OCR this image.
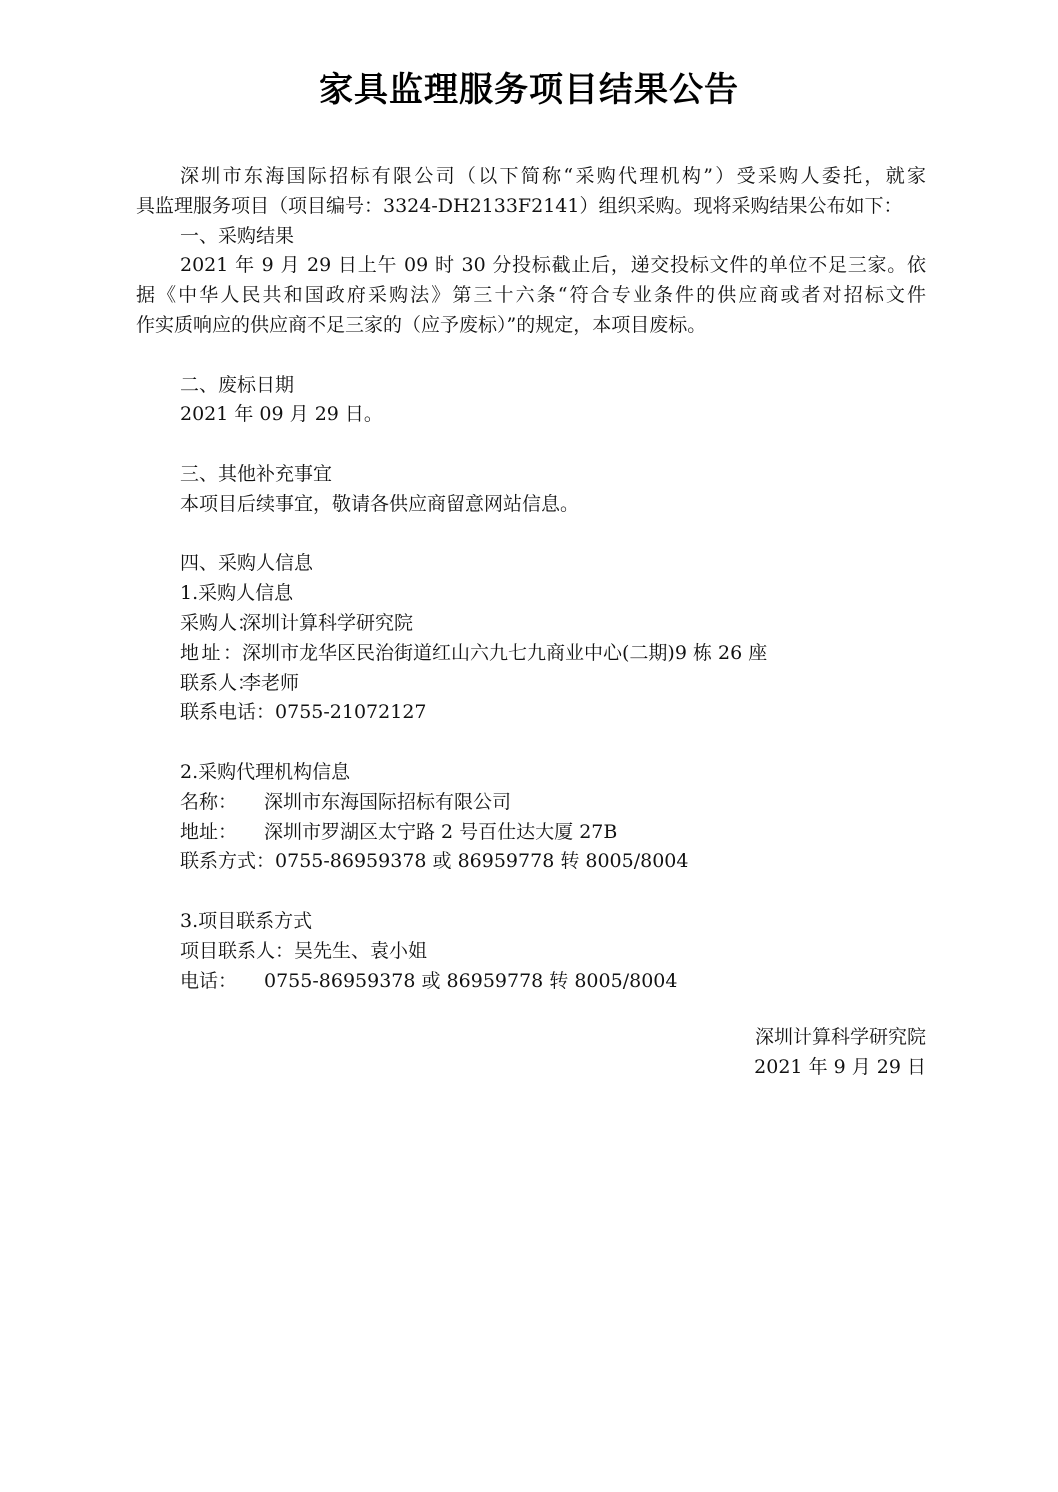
家具监理服务项目结果公告
深圳市东海国际招标有限公司（以下简称“采购代理机构”）受采购人委托，就家
具监理服务项目（项目编号：3324-DH2133F2141）组织采购。现将采购结果公布如下：
一、采购结果
2021 年 9 月 29 日上午 09 时 30 分投标截止后，递交投标文件的单位不足三家。依
据《中华人民共和国政府采购法》第三十六条“符合专业条件的供应商或者对招标文件
作实质响应的供应商不足三家的（应予废标）”的规定，本项目废标。
二、废标日期
2021 年 09 月 29 日。
三、其他补充事宜
本项目后续事宜，敬请各供应商留意网站信息。
四、采购人信息
1.采购人信息
采购人：深圳计算科学研究院
地址：深圳市龙华区民治街道红山六九七九商业中心(二期)9 栋 26 座
联系人：李老师
联系电话：0755-21072127
2.采购代理机构信息
名称： 深圳市东海国际招标有限公司
地址： 深圳市罗湖区太宁路 2 号百仕达大厦 27B
联系方式：0755-86959378 或 86959778 转 8005/8004
3.项目联系方式
项目联系人：吴先生、袁小姐
电话： 0755-86959378 或 86959778 转 8005/8004
深圳计算科学研究院
2021 年 9 月 29 日
